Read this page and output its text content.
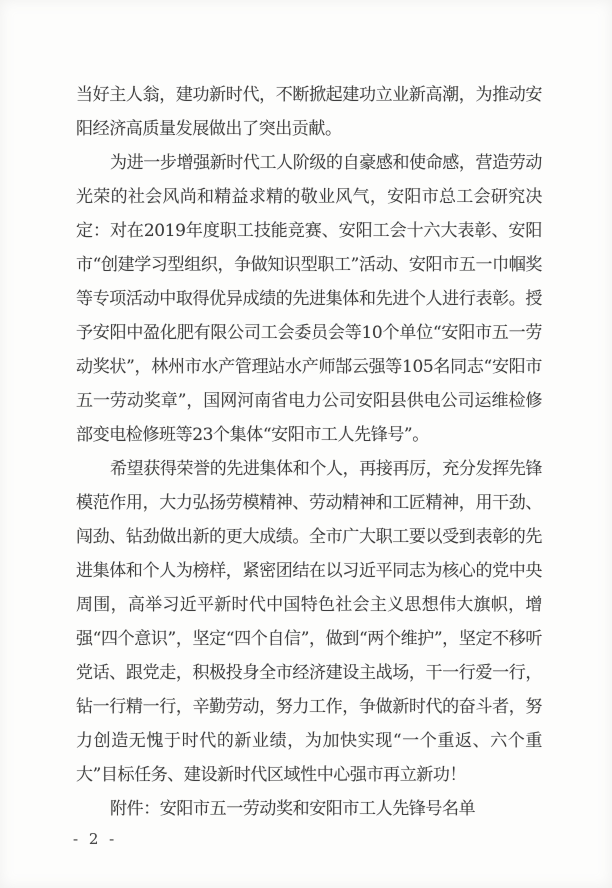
当好主人翁，建功新时代，不断掀起建功立业新高潮，为推动安阳经济高质量发展做出了突出贡献。

为进一步增强新时代工人阶级的自豪感和使命感，营造劳动光荣的社会风尚和精益求精的敬业风气，安阳市总工会研究决定：对在2019年度职工技能竞赛、安阳工会十六大表彰、安阳市“创建学习型组织，争做知识型职工”活动、安阳市五一巾帼奖等专项活动中取得优异成绩的先进集体和先进个人进行表彰。授予安阳中盈化肥有限公司工会委员会等10个单位“安阳市五一劳动奖状”，林州市水产管理站水产师郜云强等105名同志“安阳市五一劳动奖章”，国网河南省电力公司安阳县供电公司运维检修部变电检修班等23个集体“安阳市工人先锋号”。

希望获得荣誉的先进集体和个人，再接再厉，充分发挥先锋模范作用，大力弘扬劳模精神、劳动精神和工匠精神，用干劲、闯劲、钻劲做出新的更大成绩。全市广大职工要以受到表彰的先进集体和个人为榜样，紧密团结在以习近平同志为核心的党中央周围，高举习近平新时代中国特色社会主义思想伟大旗帜，增强“四个意识”，坚定“四个自信”，做到“两个维护”，坚定不移听党话、跟党走，积极投身全市经济建设主战场，干一行爱一行，钻一行精一行，辛勤劳动，努力工作，争做新时代的奋斗者，努力创造无愧于时代的新业绩，为加快实现“一个重返、六个重大”目标任务、建设新时代区域性中心强市再立新功！

附件：安阳市五一劳动奖和安阳市工人先锋号名单

- 2 -
